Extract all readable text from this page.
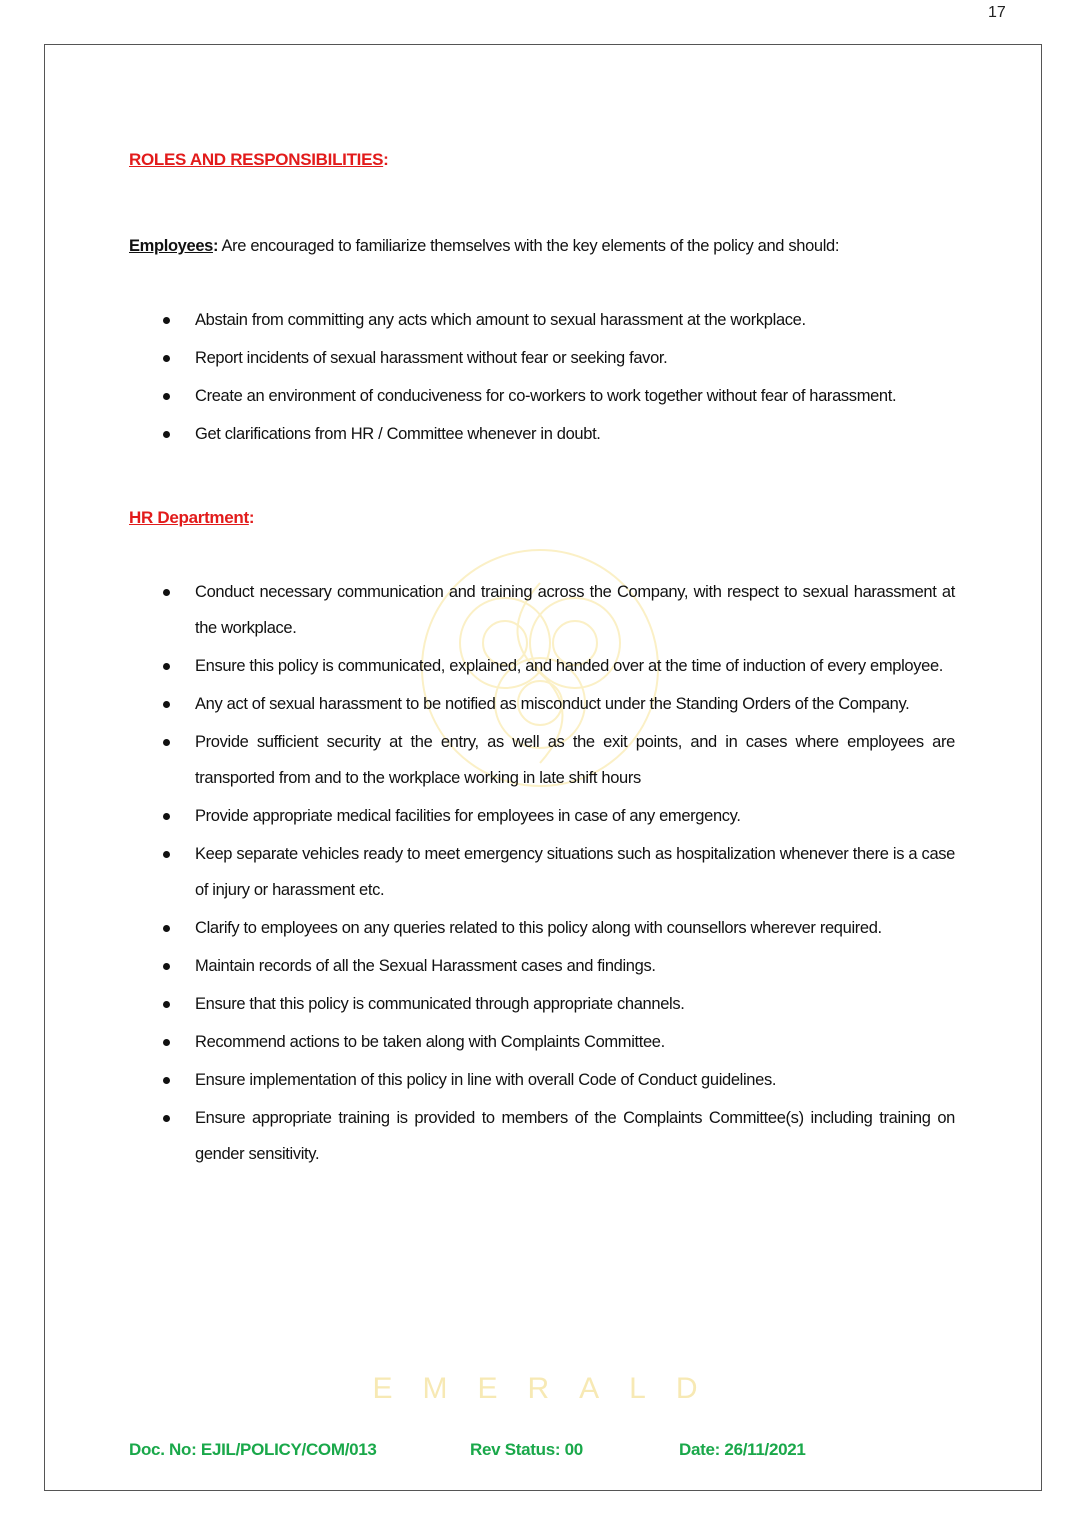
17
ROLES AND RESPONSIBILITIES:
Employees: Are encouraged to familiarize themselves with the key elements of the policy and should:
Abstain from committing any acts which amount to sexual harassment at the workplace.
Report incidents of sexual harassment without fear or seeking favor.
Create an environment of conduciveness for co-workers to work together without fear of harassment.
Get clarifications from HR / Committee whenever in doubt.
HR Department:
Conduct necessary communication and training across the Company, with respect to sexual harassment at the workplace.
Ensure this policy is communicated, explained, and handed over at the time of induction of every employee.
Any act of sexual harassment to be notified as misconduct under the Standing Orders of the Company.
Provide sufficient security at the entry, as well as the exit points, and in cases where employees are transported from and to the workplace working in late shift hours
Provide appropriate medical facilities for employees in case of any emergency.
Keep separate vehicles ready to meet emergency situations such as hospitalization whenever there is a case of injury or harassment etc.
Clarify to employees on any queries related to this policy along with counsellors wherever required.
Maintain records of all the Sexual Harassment cases and findings.
Ensure that this policy is communicated through appropriate channels.
Recommend actions to be taken along with Complaints Committee.
Ensure implementation of this policy in line with overall Code of Conduct guidelines.
Ensure appropriate training is provided to members of the Complaints Committee(s) including training on gender sensitivity.
EMERALD
Doc. No: EJIL/POLICY/COM/013	Rev Status: 00	Date: 26/11/2021
